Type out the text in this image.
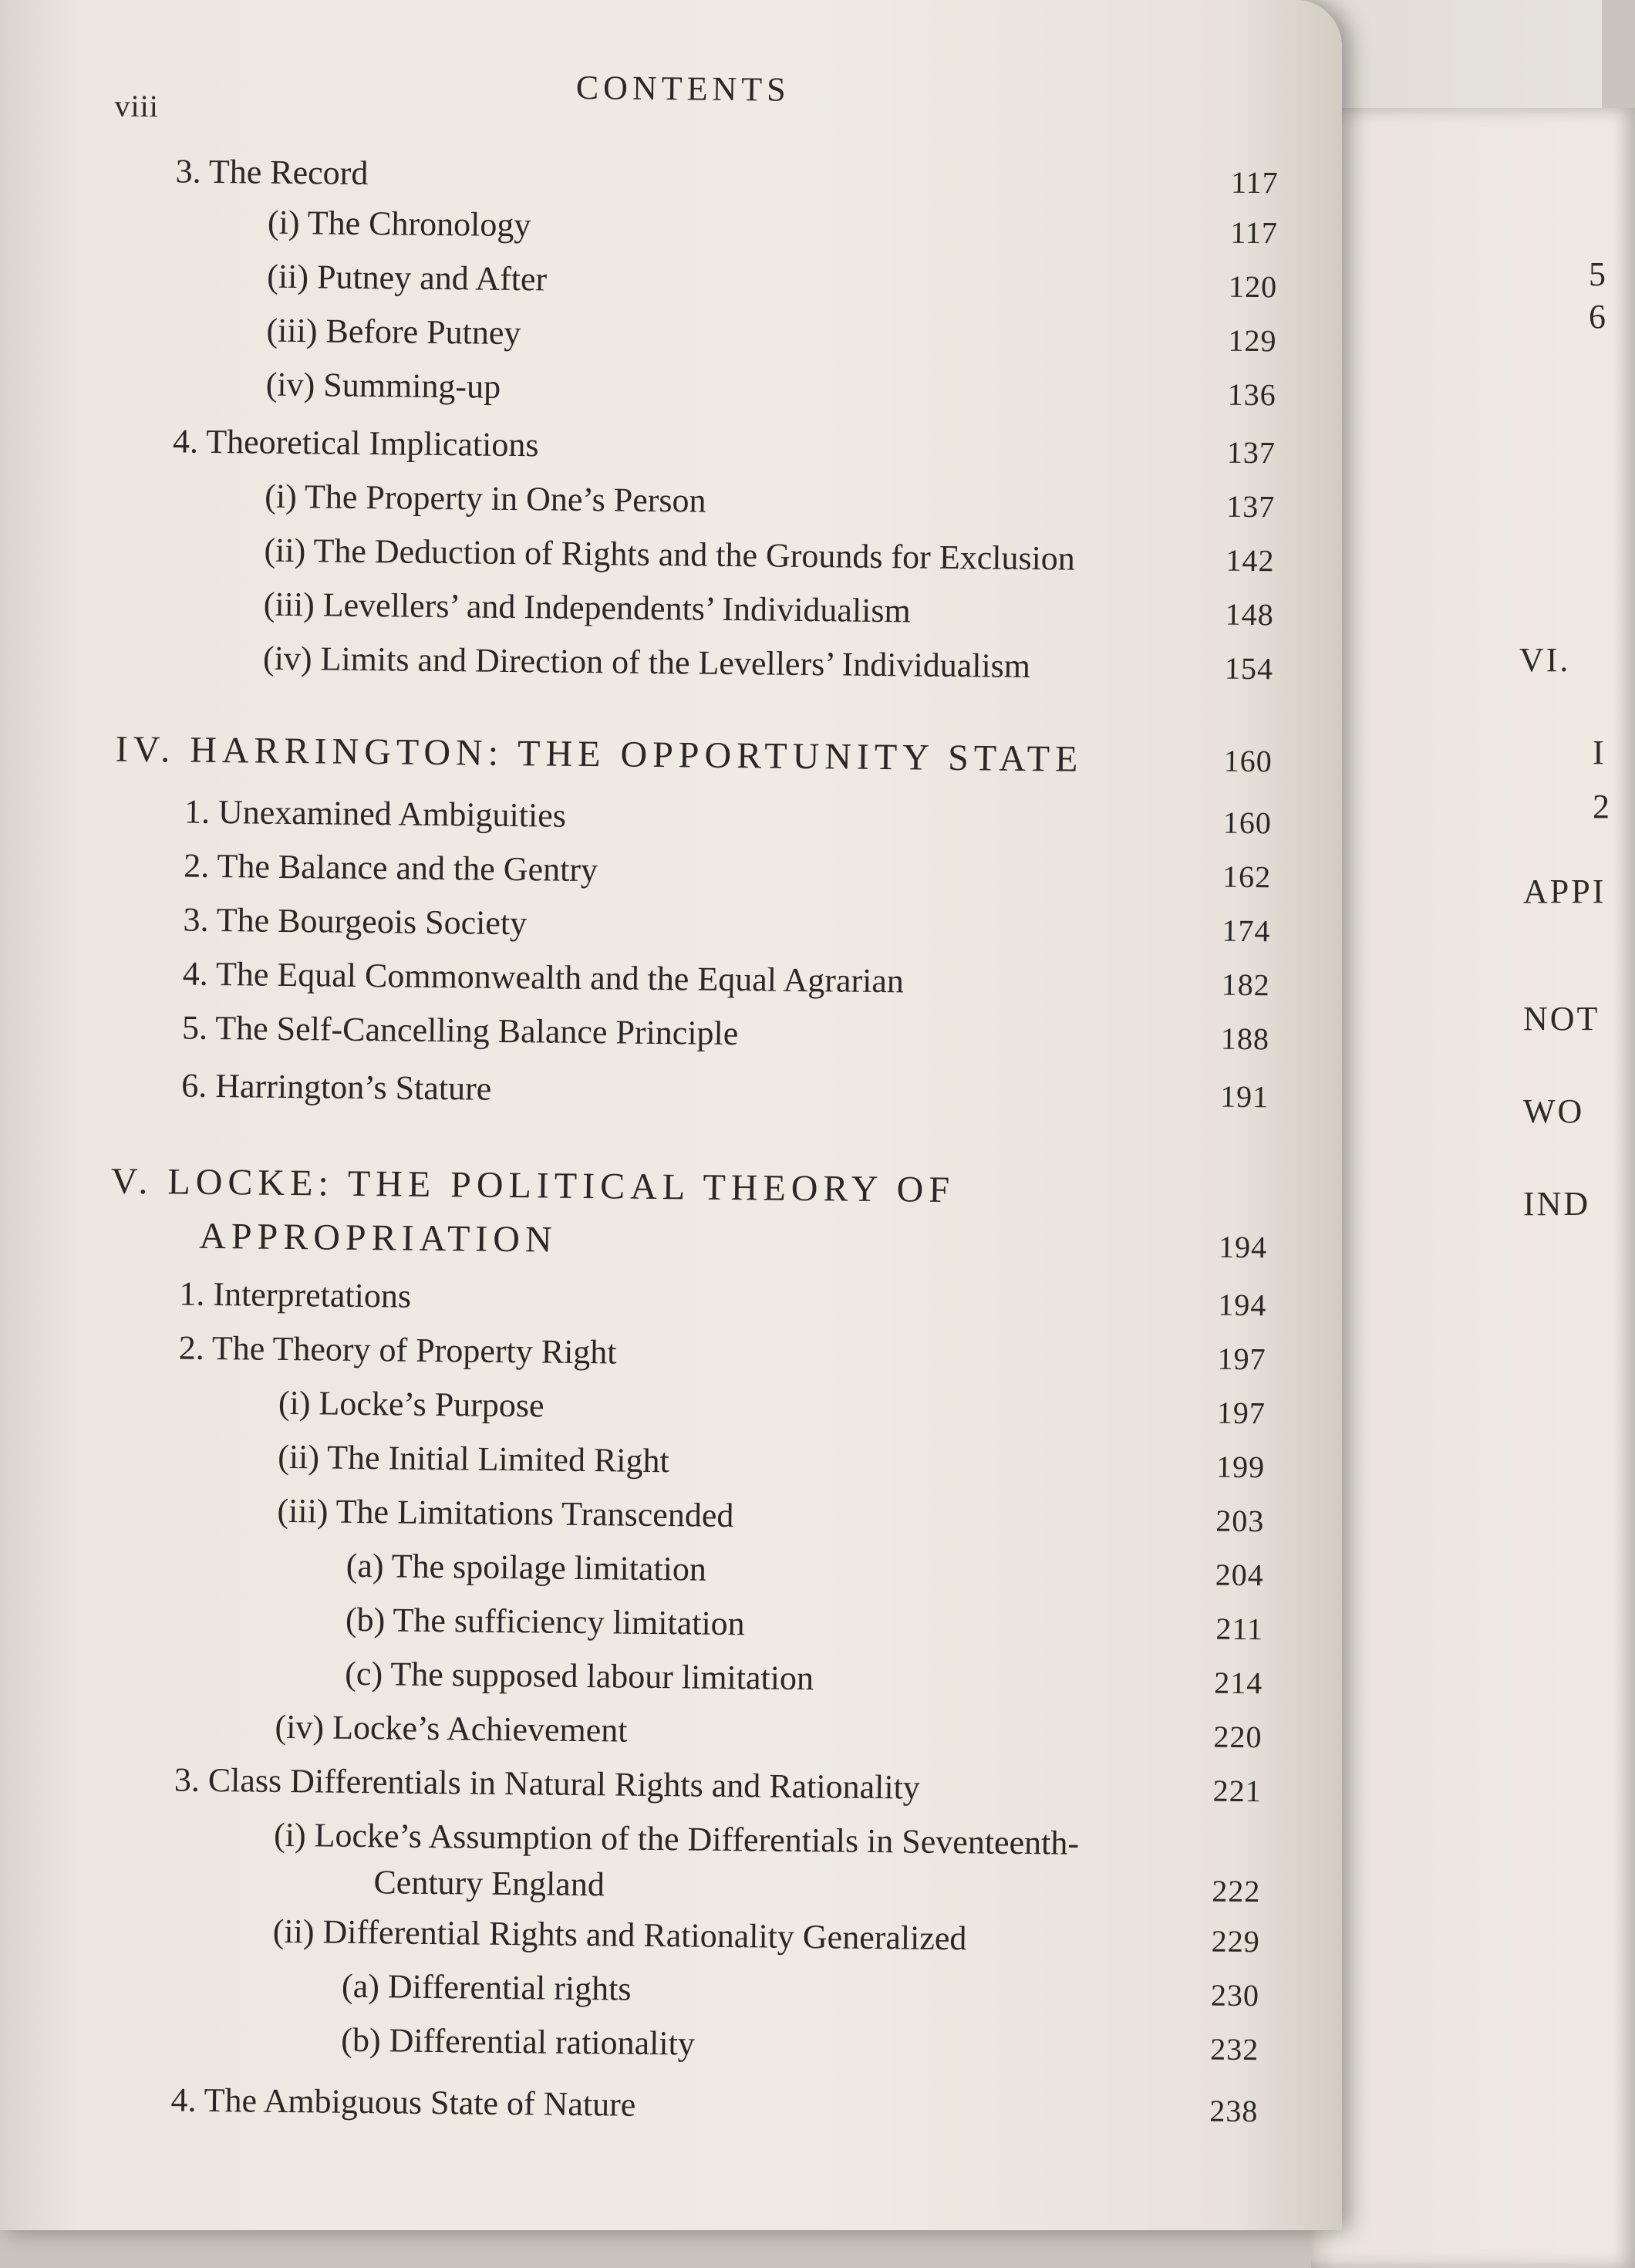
5
6
VI.
I
2
APPI
NOT
WO
IND
viii	CONTENTS
3. The Record	117
(i) The Chronology	117
(ii) Putney and After	120
(iii) Before Putney	129
(iv) Summing-up	136
4. Theoretical Implications	137
(i) The Property in One’s Person	137
(ii) The Deduction of Rights and the Grounds for Exclusion	142
(iii) Levellers’ and Independents’ Individualism	148
(iv) Limits and Direction of the Levellers’ Individualism	154
IV. HARRINGTON: THE OPPORTUNITY STATE	160
1. Unexamined Ambiguities	160
2. The Balance and the Gentry	162
3. The Bourgeois Society	174
4. The Equal Commonwealth and the Equal Agrarian	182
5. The Self-Cancelling Balance Principle	188
6. Harrington’s Stature	191
V. LOCKE: THE POLITICAL THEORY OF
APPROPRIATION	194
1. Interpretations	194
2. The Theory of Property Right	197
(i) Locke’s Purpose	197
(ii) The Initial Limited Right	199
(iii) The Limitations Transcended	203
(a) The spoilage limitation	204
(b) The sufficiency limitation	211
(c) The supposed labour limitation	214
(iv) Locke’s Achievement	220
3. Class Differentials in Natural Rights and Rationality	221
(i) Locke’s Assumption of the Differentials in Seventeenth-
Century England	222
(ii) Differential Rights and Rationality Generalized	229
(a) Differential rights	230
(b) Differential rationality	232
4. The Ambiguous State of Nature	238
